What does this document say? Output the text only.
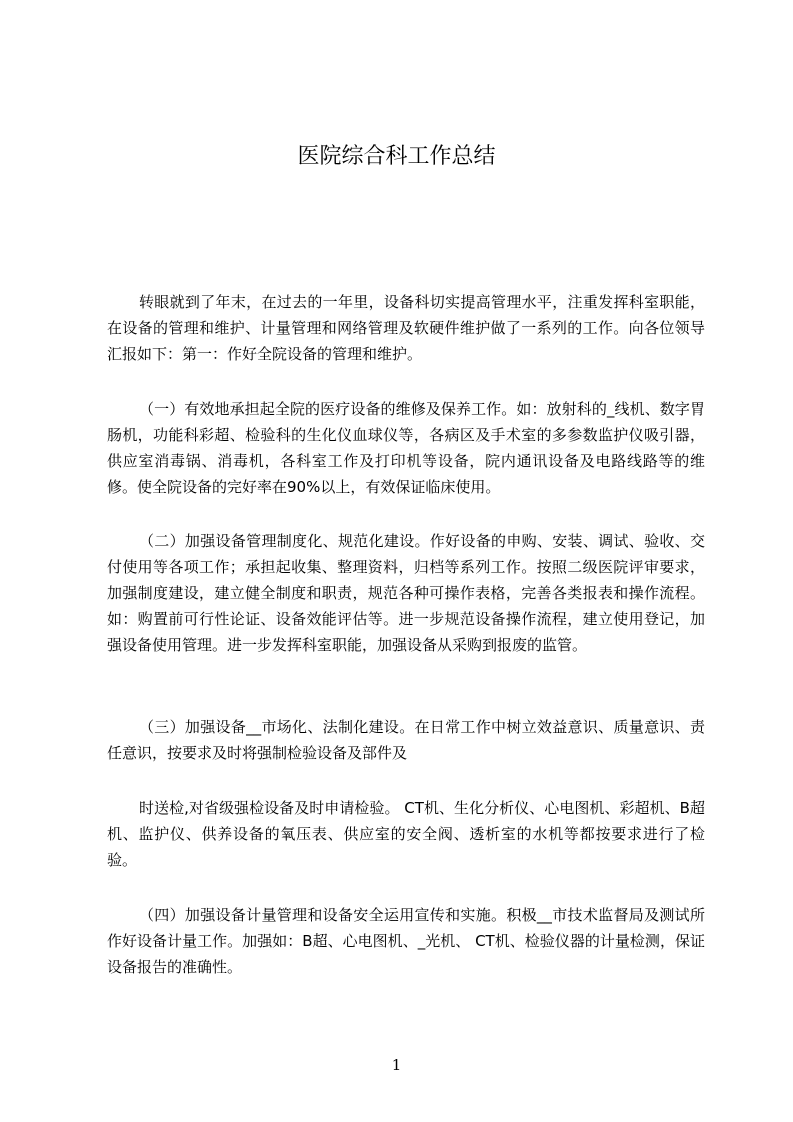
医院综合科工作总结

转眼就到了年末，在过去的一年里，设备科切实提高管理水平，注重发挥科室职能，在设备的管理和维护、计量管理和网络管理及软硬件维护做了一系列的工作。向各位领导汇报如下：第一：作好全院设备的管理和维护。

（一）有效地承担起全院的医疗设备的维修及保养工作。如：放射科的_线机、数字胃肠机，功能科彩超、检验科的生化仪血球仪等，各病区及手术室的多参数监护仪吸引器，供应室消毒锅、消毒机，各科室工作及打印机等设备，院内通讯设备及电路线路等的维修。使全院设备的完好率在90%以上，有效保证临床使用。

（二）加强设备管理制度化、规范化建设。作好设备的申购、安装、调试、验收、交付使用等各项工作；承担起收集、整理资料，归档等系列工作。按照二级医院评审要求，加强制度建设，建立健全制度和职责，规范各种可操作表格，完善各类报表和操作流程。如：购置前可行性论证、设备效能评估等。进一步规范设备操作流程，建立使用登记，加强设备使用管理。进一步发挥科室职能，加强设备从采购到报废的监管。

（三）加强设备__市场化、法制化建设。在日常工作中树立效益意识、质量意识、责任意识，按要求及时将强制检验设备及部件及

时送检,对省级强检设备及时申请检验。 CT机、生化分析仪、心电图机、彩超机、B超机、监护仪、供养设备的氧压表、供应室的安全阀、透析室的水机等都按要求进行了检验。

（四）加强设备计量管理和设备安全运用宣传和实施。积极__市技术监督局及测试所作好设备计量工作。加强如：B超、心电图机、_光机、 CT机、检验仪器的计量检测，保证设备报告的准确性。

1
